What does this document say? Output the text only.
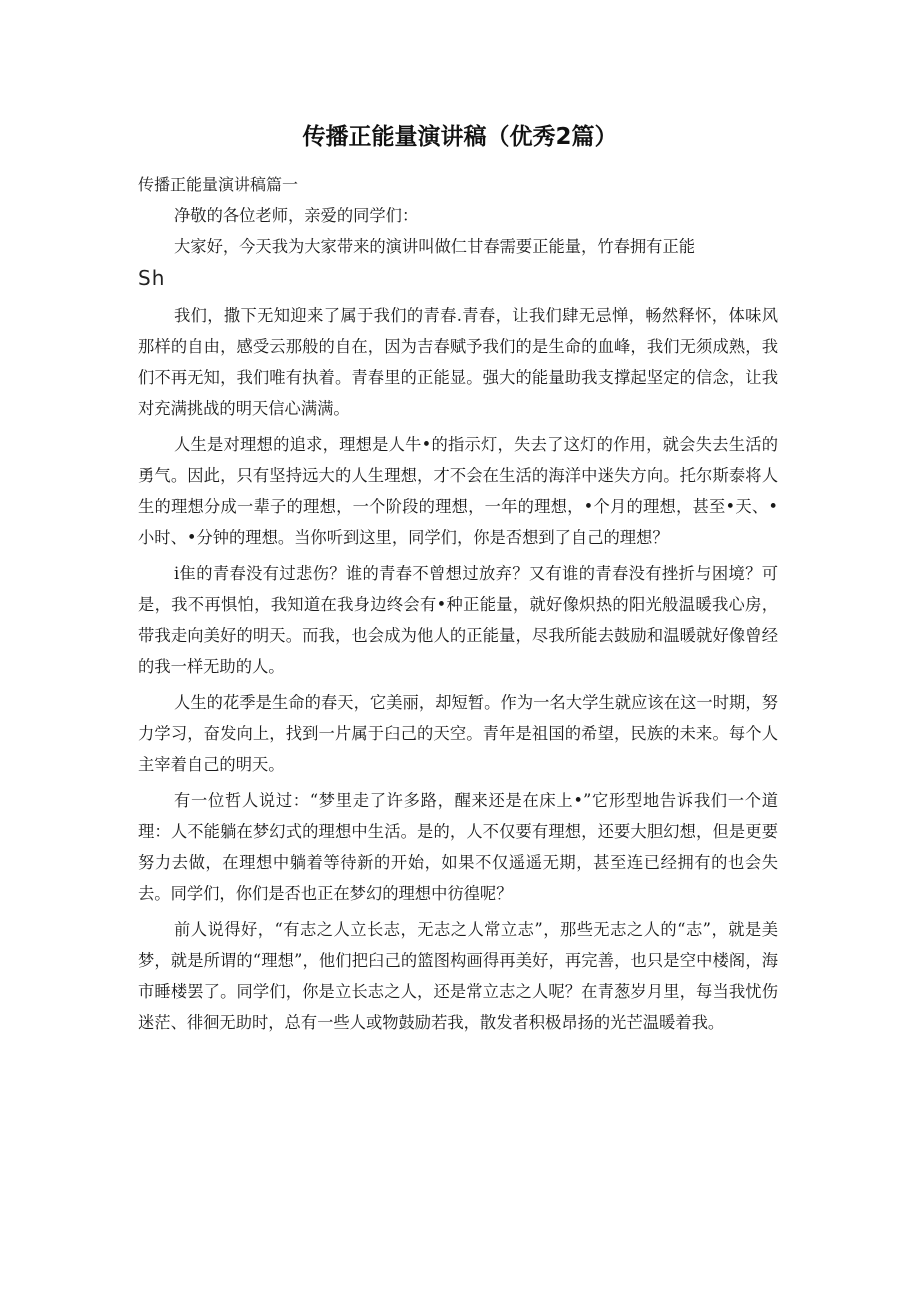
传播正能量演讲稿（优秀2篇）
传播正能量演讲稿篇一

净敬的各位老师，亲爱的同学们：

大家好，今天我为大家带来的演讲叫做仁甘春需要正能量，竹春拥有正能

Sh

我们，撒下无知迎来了属于我们的青春.青春，让我们肆无忌惮，畅然释怀，体味风那样的自由，感受云那般的自在，因为吉春赋予我们的是生命的血峰，我们无须成熟，我们不再无知，我们唯有执着。青春里的正能显。强大的能量助我支撑起坚定的信念，让我对充满挑战的明天信心满满。

人生是对理想的追求，理想是人牛•的指示灯，失去了这灯的作用，就会失去生活的勇气。因此，只有坚持远大的人生理想，才不会在生活的海洋中迷失方向。托尔斯泰将人生的理想分成一辈子的理想，一个阶段的理想，一年的理想，•个月的理想，甚至•天、•小时、•分钟的理想。当你听到这里，同学们，你是否想到了自己的理想？

i隹的青春没有过悲伤？谁的青春不曾想过放弃？又有谁的青春没有挫折与困境？可是，我不再惧怕，我知道在我身边终会有•种正能量，就好像炽热的阳光般温暖我心房，带我走向美好的明天。而我，也会成为他人的正能量，尽我所能去鼓励和温暖就好像曾经的我一样无助的人。

人生的花季是生命的春天，它美丽，却短暂。作为一名大学生就应该在这一时期，努力学习，奋发向上，找到一片属于臼己的天空。青年是祖国的希望，民族的未来。每个人主宰着自己的明天。

有一位哲人说过：“梦里走了许多路，醒来还是在床上•”它形型地告诉我们一个道理：人不能躺在梦幻式的理想中生活。是的，人不仅要有理想，还要大胆幻想，但是更要努力去做，在理想中躺着等待新的开始，如果不仅遥遥无期，甚至连已经拥有的也会失去。同学们，你们是否也正在梦幻的理想中彷徨呢？

前人说得好，“有志之人立长志，无志之人常立志”，那些无志之人的“志”，就是美梦，就是所谓的“理想”，他们把臼己的篮图构画得再美好，再完善，也只是空中楼阁，海市睡楼罢了。同学们，你是立长志之人，还是常立志之人呢？在青葱岁月里，每当我忧伤迷茫、徘徊无助时，总有一些人或物鼓励若我，散发者积极昂扬的光芒温暖着我。
